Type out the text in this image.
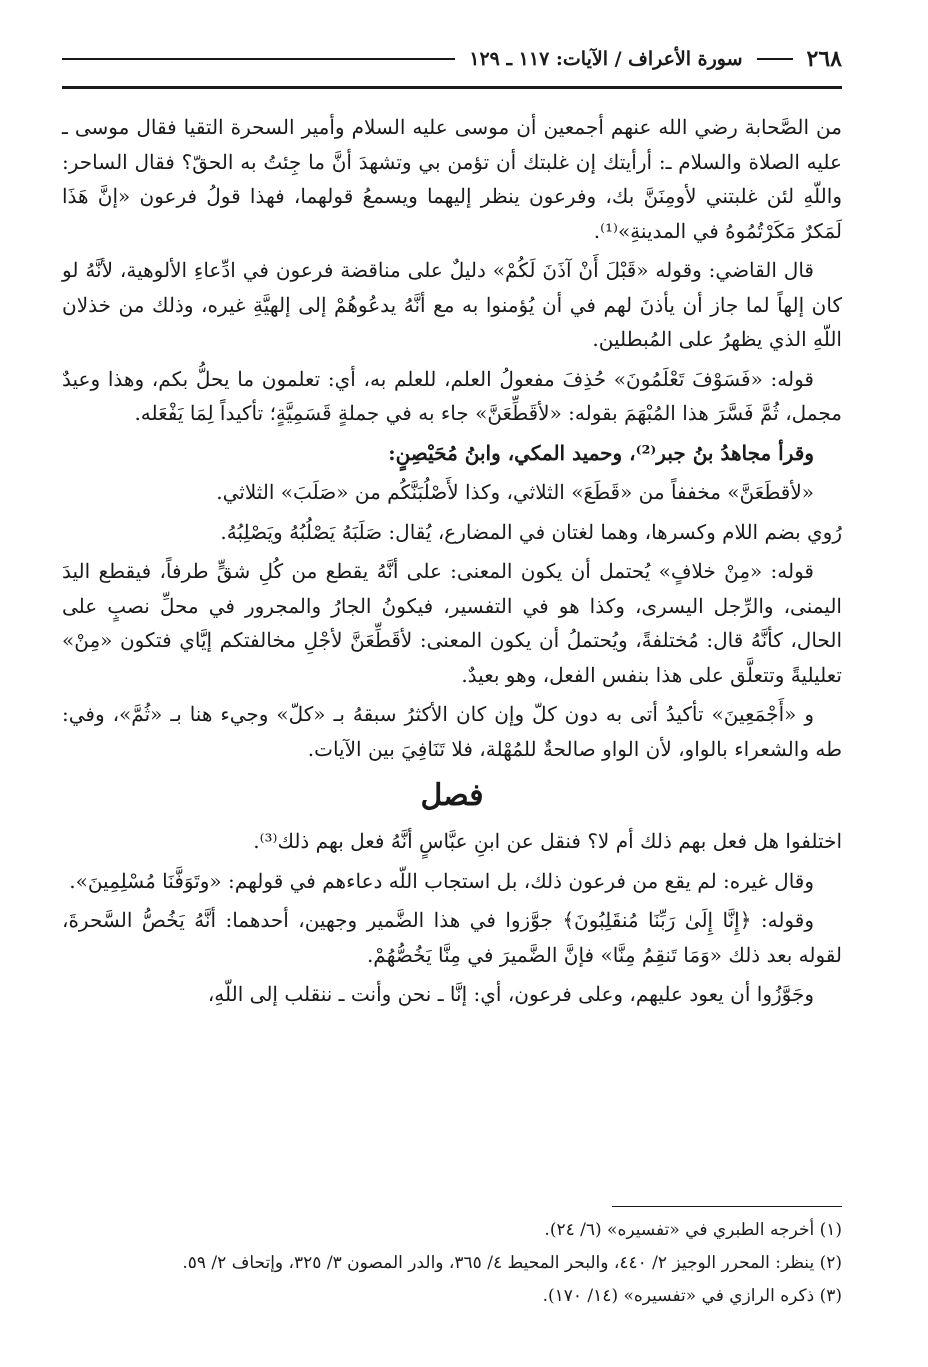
٢٦٨
سورة الأعراف / الآيات: ١١٧ ـ ١٢٩

من الصَّحابة رضي الله عنهم أجمعين أن موسى عليه السلام وأمير السحرة التقيا فقال موسى ـ عليه الصلاة والسلام ـ: أرأيتك إن غلبتك أن تؤمن بي وتشهدَ أنَّ ما جِئتُ به الحقّ؟ فقال الساحر: واللّهِ لئن غلبتني لأومِنَنَّ بك، وفرعون ينظر إليهما ويسمعُ قولهما، فهذا قولُ فرعون «إنَّ هَذَا لَمَكرٌ مَكَرْتُمُوهُ في المدينةِ»⁽¹⁾.

قال القاضي: وقوله «قَبْلَ أَنْ آذَنَ لَكُمْ» دليلٌ على مناقضة فرعون في ادِّعاءِ الألوهية، لأنَّهُ لو كان إلهاً لما جاز أن يأذنَ لهم في أن يُؤمنوا به مع أنَّهُ يدعُوهُمْ إلى إلهيَّةِ غيره، وذلك من خذلان اللّهِ الذي يظهرُ على المُبطلين.

قوله: «فَسَوْفَ تَعْلَمُونَ» حُذِفَ مفعولُ العلم، للعلم به، أي: تعلمون ما يحلُّ بكم، وهذا وعيدٌ مجمل، ثُمَّ فَسَّرَ هذا المُبْهَمَ بقوله: «لأقَطِّعَنَّ» جاء به في جملةٍ قَسَمِيَّةٍ؛ تأكيداً لِمَا يَفْعَله.

وقرأ مجاهدُ بنُ جبر⁽²⁾، وحميد المكي، وابنُ مُحَيْصِنٍ:

«لأقطَعَنَّ» مخففاً من «قَطَعَ» الثلاثي، وكذا لأَصْلُبَنَّكُم من «صَلَبَ» الثلاثي.

رُوي بضم اللام وكسرها، وهما لغتان في المضارع، يُقال: صَلَبَهُ يَصْلُبُهُ ويَصْلِبُهُ.

قوله: «مِنْ خلافٍ» يُحتمل أن يكون المعنى: على أنَّهُ يقطع من كُلِ شقٍّ طرفاً، فيقطع اليدَ اليمنى، والرِّجل اليسرى، وكذا هو في التفسير، فيكونُ الجارُ والمجرور في محلِّ نصبٍ على الحال، كأنَّهُ قال: مُختلفةً، ويُحتملُ أن يكون المعنى: لأقَطِّعَنَّ لأجْلِ مخالفتكم إيَّاي فتكون «مِنْ» تعليليةً وتتعلَّق على هذا بنفس الفعل، وهو بعيدٌ.

و «أَجْمَعِينَ» تأكيدُ أتى به دون كلّ وإن كان الأكثرُ سبقهُ بـ «كلّ» وجيء هنا بـ «ثُمَّ»، وفي: طه والشعراء بالواو، لأن الواو صالحةٌ للمُهْلة، فلا تَنَافِيَ بين الآيات.

فصل

اختلفوا هل فعل بهم ذلك أم لا؟ فنقل عن ابنِ عبَّاسٍ أنَّهُ فعل بهم ذلك⁽³⁾.

وقال غيره: لم يقع من فرعون ذلك، بل استجاب اللّه دعاءهم في قولهم: «وتَوَفَّنَا مُسْلِمِينَ».

وقوله: ﴿إِنَّا إِلَىٰ رَبِّنَا مُنقَلِبُونَ﴾ جوَّزوا في هذا الضَّمير وجهين، أحدهما: أنَّهُ يَخُصُّ السَّحرةَ، لقوله بعد ذلك «وَمَا تَنقِمُ مِنَّا» فإنَّ الضَّميرَ في مِنَّا يَخُصُّهُمْ.

وجَوَّزُوا أن يعود عليهم، وعلى فرعون، أي: إنَّا ـ نحن وأنت ـ ننقلب إلى اللّهِ،

(١) أخرجه الطبري في «تفسيره» (٦/ ٢٤).
(٢) ينظر: المحرر الوجيز ٢/ ٤٤٠، والبحر المحيط ٤/ ٣٦٥، والدر المصون ٣/ ٣٢٥، وإتحاف ٢/ ٥٩.
(٣) ذكره الرازي في «تفسيره» (١٤/ ١٧٠).
